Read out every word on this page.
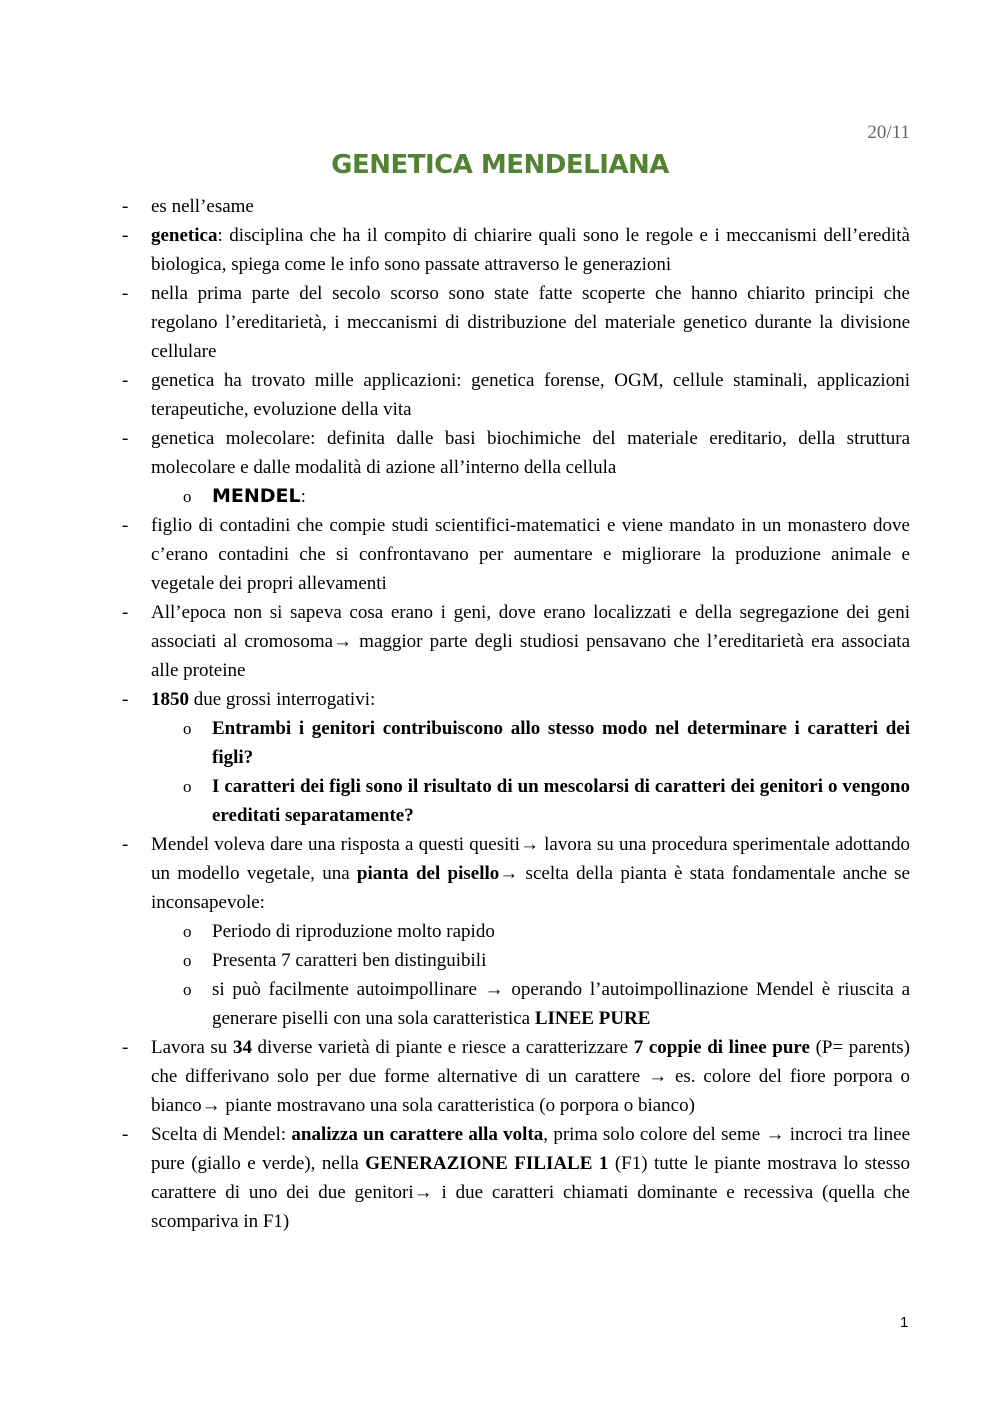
20/11
GENETICA MENDELIANA
- es nell’esame
- genetica: disciplina che ha il compito di chiarire quali sono le regole e i meccanismi dell’eredità biologica, spiega come le info sono passate attraverso le generazioni
- nella prima parte del secolo scorso sono state fatte scoperte che hanno chiarito principi che regolano l’ereditarietà, i meccanismi di distribuzione del materiale genetico durante la divisione cellulare
- genetica ha trovato mille applicazioni: genetica forense, OGM, cellule staminali, applicazioni terapeutiche, evoluzione della vita
- genetica molecolare: definita dalle basi biochimiche del materiale ereditario, della struttura molecolare e dalle modalità di azione all’interno della cellula
o MENDEL:
- figlio di contadini che compie studi scientifici-matematici e viene mandato in un monastero dove c’erano contadini che si confrontavano per aumentare e migliorare la produzione animale e vegetale dei propri allevamenti
- All’epoca non si sapeva cosa erano i geni, dove erano localizzati e della segregazione dei geni associati al cromosoma→ maggior parte degli studiosi pensavano che l’ereditarietà era associata alle proteine
- 1850 due grossi interrogativi:
o Entrambi i genitori contribuiscono allo stesso modo nel determinare i caratteri dei figli?
o I caratteri dei figli sono il risultato di un mescolarsi di caratteri dei genitori o vengono ereditati separatamente?
- Mendel voleva dare una risposta a questi quesiti→ lavora su una procedura sperimentale adottando un modello vegetale, una pianta del pisello→ scelta della pianta è stata fondamentale anche se inconsapevole:
o Periodo di riproduzione molto rapido
o Presenta 7 caratteri ben distinguibili
o si può facilmente autoimpollinare → operando l’autoimpollinazione Mendel è riuscita a generare piselli con una sola caratteristica LINEE PURE
- Lavora su 34 diverse varietà di piante e riesce a caratterizzare 7 coppie di linee pure (P= parents) che differivano solo per due forme alternative di un carattere → es. colore del fiore porpora o bianco→ piante mostravano una sola caratteristica (o porpora o bianco)
- Scelta di Mendel: analizza un carattere alla volta, prima solo colore del seme → incroci tra linee pure (giallo e verde), nella GENERAZIONE FILIALE 1 (F1) tutte le piante mostrava lo stesso carattere di uno dei due genitori→ i due caratteri chiamati dominante e recessiva (quella che scompariva in F1)
1
